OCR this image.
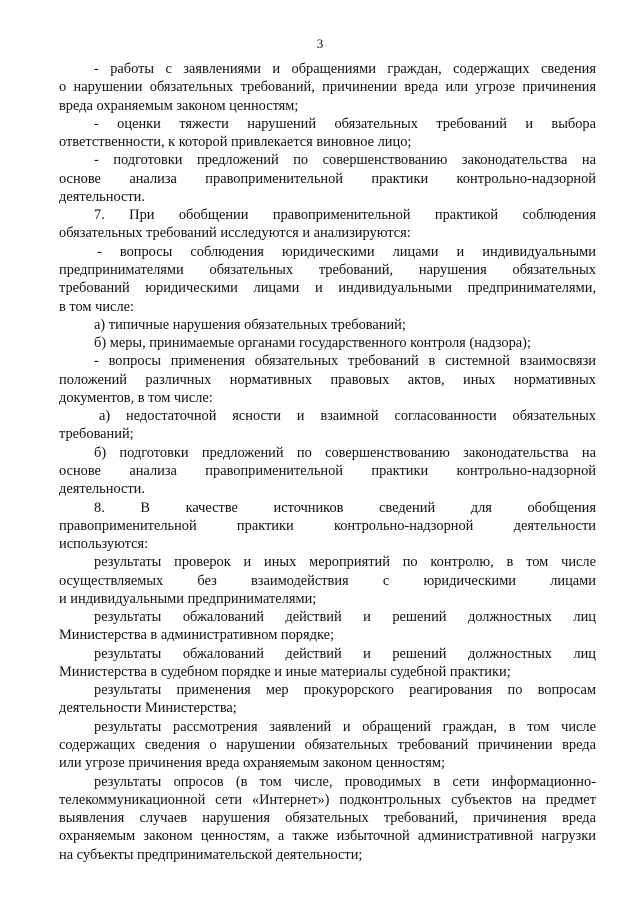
3
- работы с заявлениями и обращениями граждан, содержащих сведения
о нарушении обязательных требований, причинении вреда или угрозе причинения
вреда охраняемым законом ценностям;
- оценки тяжести нарушений обязательных требований и выбора
ответственности, к которой привлекается виновное лицо;
- подготовки предложений по совершенствованию законодательства на
основе анализа правоприменительной практики контрольно-надзорной
деятельности.
7. При обобщении правоприменительной практикой соблюдения
обязательных требований исследуются и анализируются:
- вопросы соблюдения юридическими лицами и индивидуальными
предпринимателями обязательных требований, нарушения обязательных
требований юридическими лицами и индивидуальными предпринимателями,
в том числе:
а) типичные нарушения обязательных требований;
б) меры, принимаемые органами государственного контроля (надзора);
- вопросы применения обязательных требований в системной взаимосвязи
положений различных нормативных правовых актов, иных нормативных
документов, в том числе:
а) недостаточной ясности и взаимной согласованности обязательных
требований;
б) подготовки предложений по совершенствованию законодательства на
основе анализа правоприменительной практики контрольно-надзорной
деятельности.
8. В качестве источников сведений для обобщения
правоприменительной практики контрольно-надзорной деятельности
используются:
результаты проверок и иных мероприятий по контролю, в том числе
осуществляемых без взаимодействия с юридическими лицами
и индивидуальными предпринимателями;
результаты обжалований действий и решений должностных лиц
Министерства в административном порядке;
результаты обжалований действий и решений должностных лиц
Министерства в судебном порядке и иные материалы судебной практики;
результаты применения мер прокурорского реагирования по вопросам
деятельности Министерства;
результаты рассмотрения заявлений и обращений граждан, в том числе
содержащих сведения о нарушении обязательных требований причинении вреда
или угрозе причинения вреда охраняемым законом ценностям;
результаты опросов (в том числе, проводимых в сети информационно-
телекоммуникационной сети «Интернет») подконтрольных субъектов на предмет
выявления случаев нарушения обязательных требований, причинения вреда
охраняемым законом ценностям, а также избыточной административной нагрузки
на субъекты предпринимательской деятельности;
